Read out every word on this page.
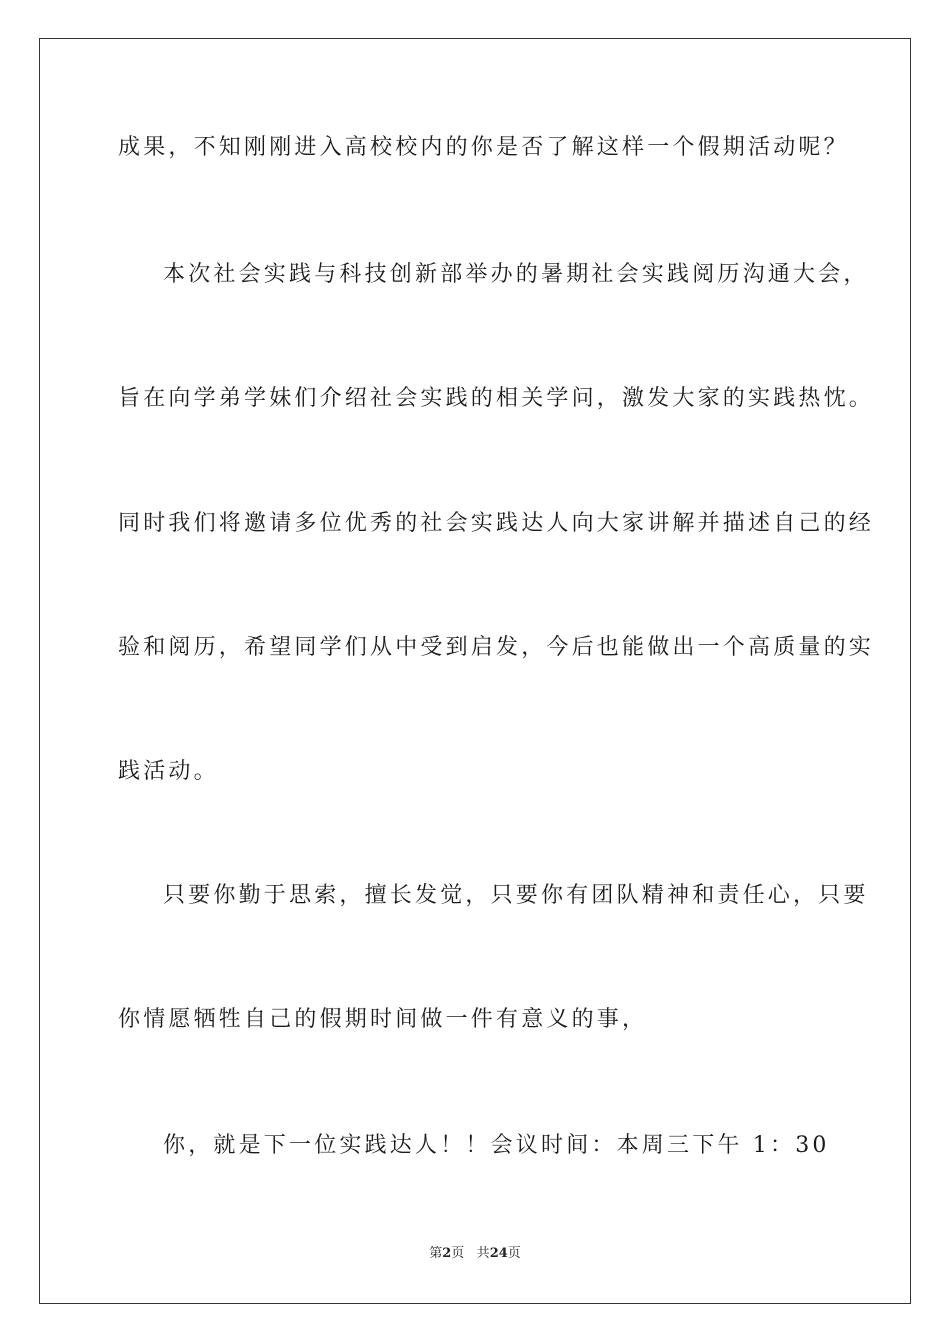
成果，不知刚刚进入高校校内的你是否了解这样一个假期活动呢？
本次社会实践与科技创新部举办的暑期社会实践阅历沟通大会，
旨在向学弟学妹们介绍社会实践的相关学问，激发大家的实践热忱。
同时我们将邀请多位优秀的社会实践达人向大家讲解并描述自己的经
验和阅历，希望同学们从中受到启发，今后也能做出一个高质量的实
践活动。
只要你勤于思索，擅长发觉，只要你有团队精神和责任心，只要
你情愿牺牲自己的假期时间做一件有意义的事，
你，就是下一位实践达人！！会议时间：本周三下午 1：30
第2页 共24页
